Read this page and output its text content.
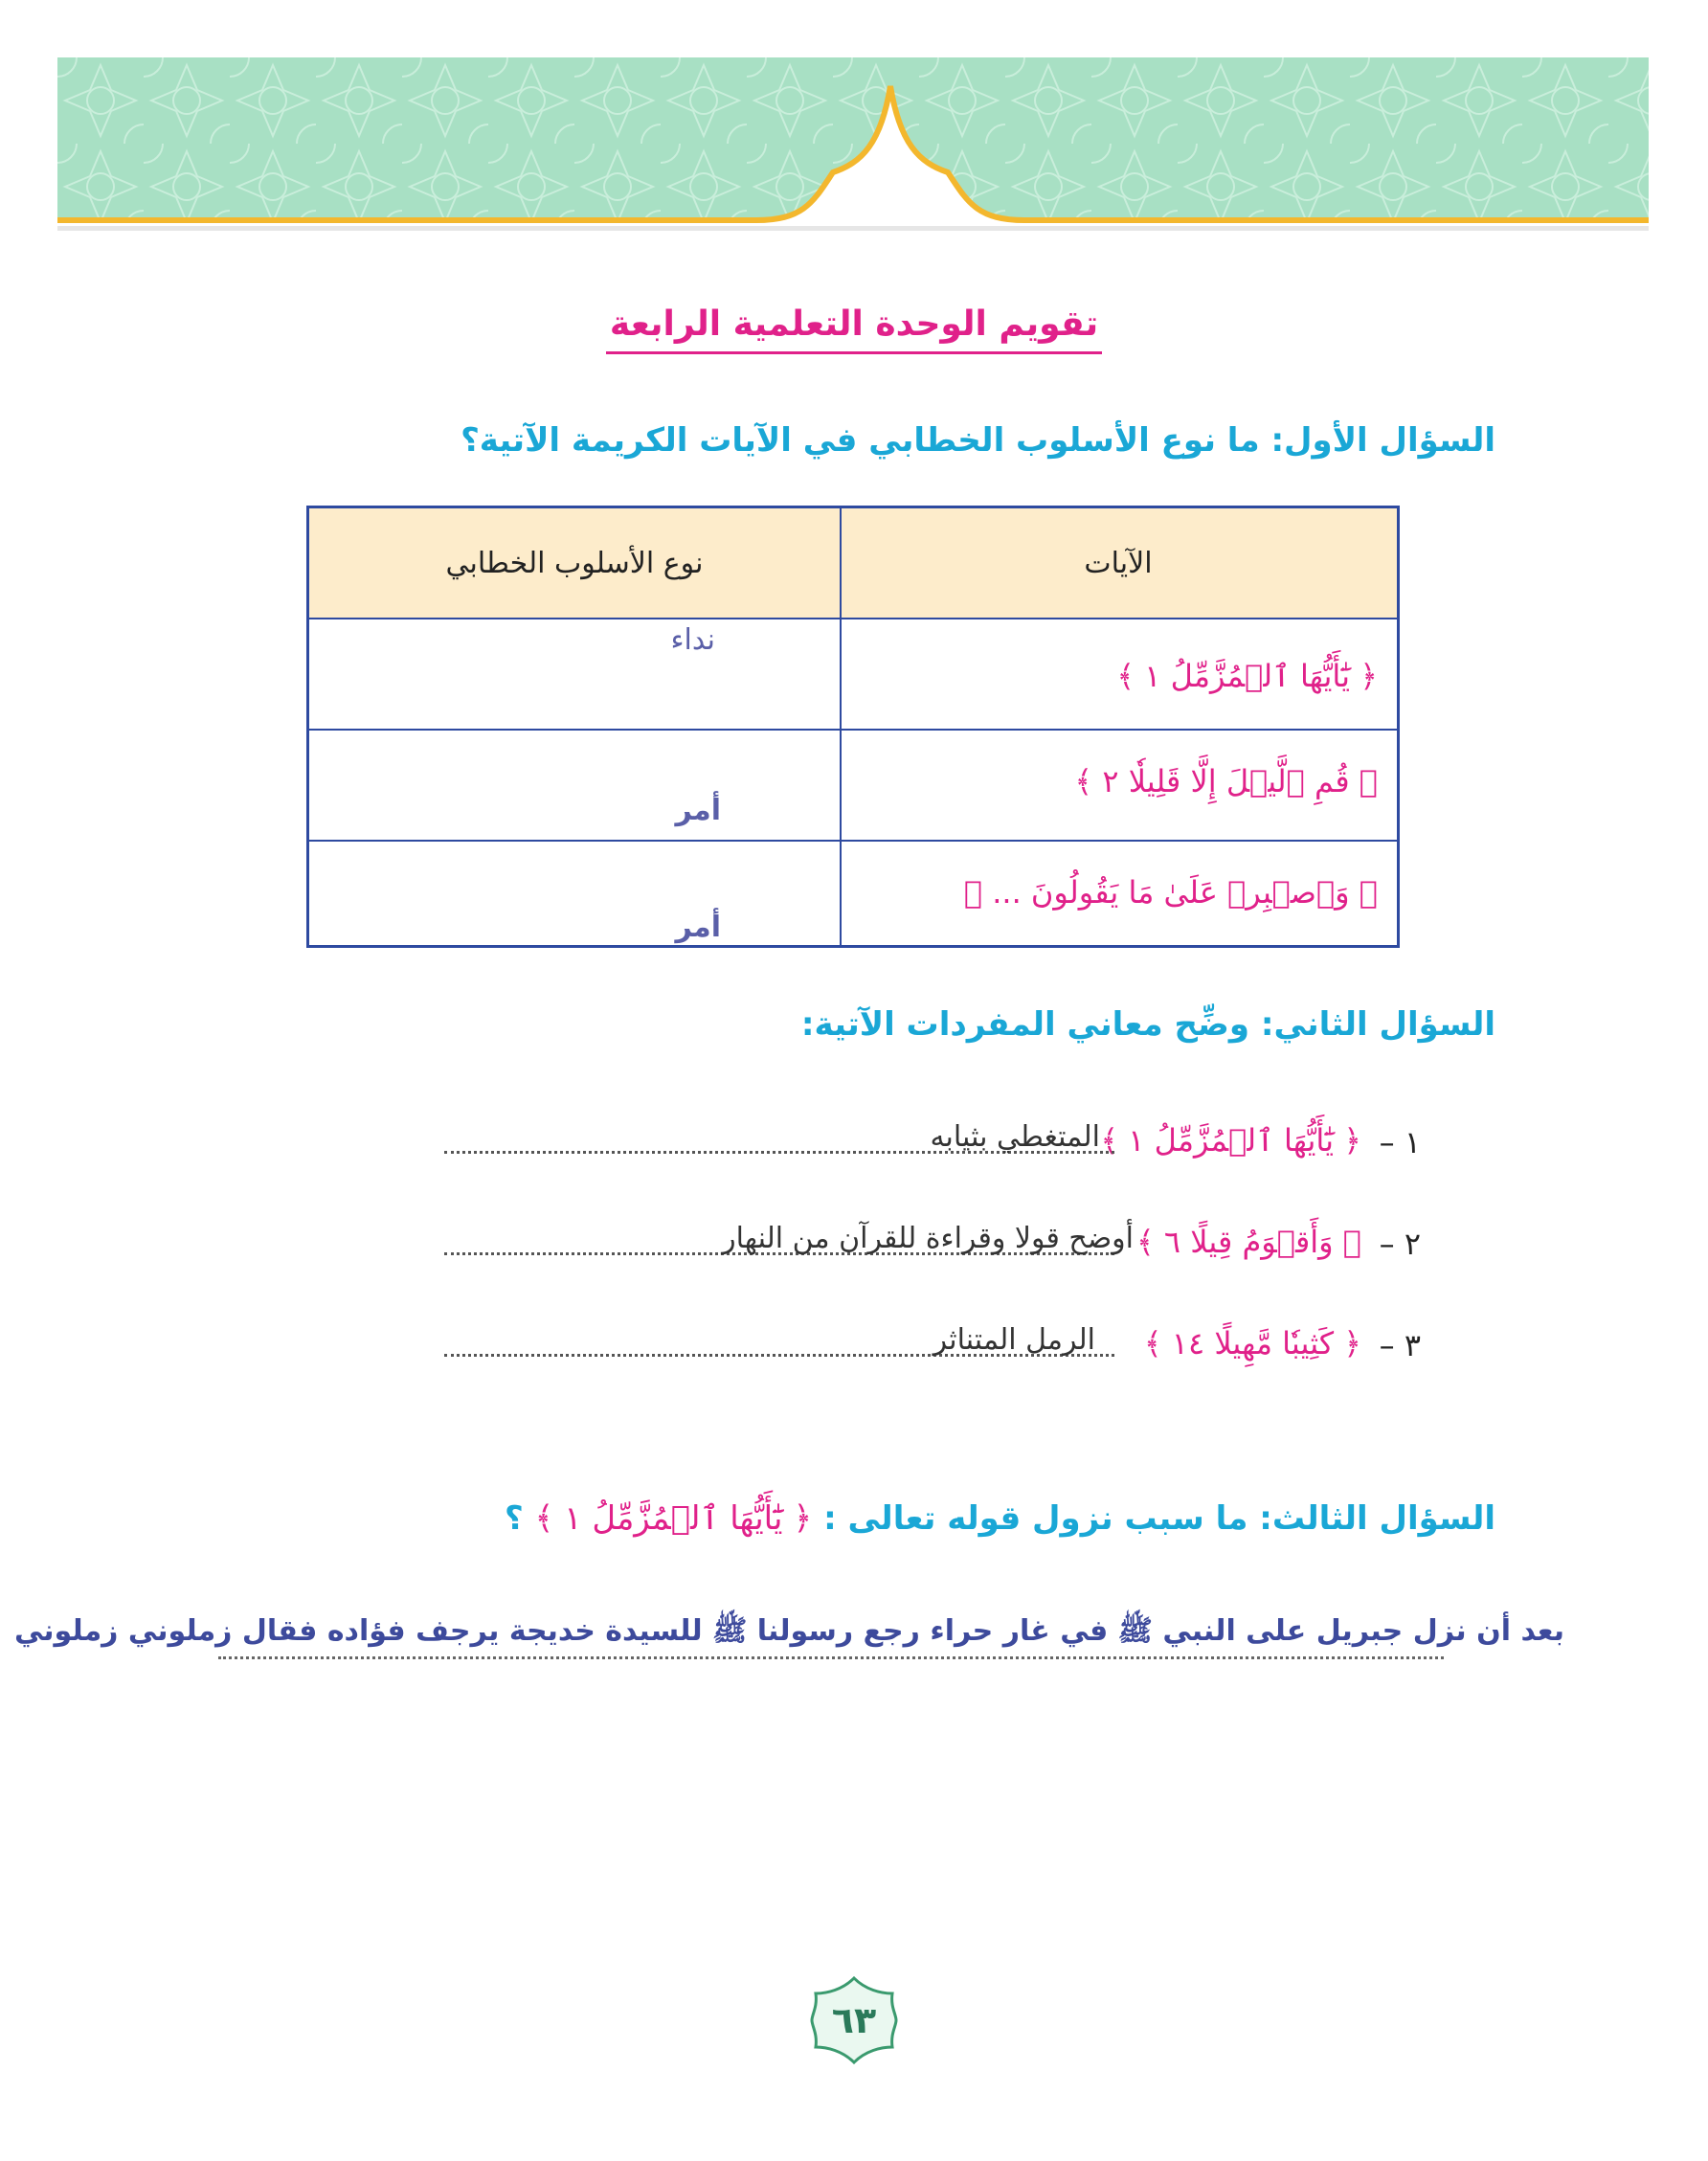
تقويم الوحدة التعلمية الرابعة
السؤال الأول: ما نوع الأسلوب الخطابي في الآيات الكريمة الآتية؟
الآيات
نوع الأسلوب الخطابي
﴿ يَٰٓأَيُّهَا ٱلۡمُزَّمِّلُ ١ ﴾
نداء
﴿ قُمِ ٱلَّيۡلَ إِلَّا قَلِيلٗا ٢ ﴾
أمر
﴿ وَٱصۡبِرۡ عَلَىٰ مَا يَقُولُونَ ... ﴾
أمر
السؤال الثاني: وضِّح معاني المفردات الآتية:
١ –
﴿ يَٰٓأَيُّهَا ٱلۡمُزَّمِّلُ ١ ﴾
المتغطي بثيابه
٢ –
﴿ وَأَقۡوَمُ قِيلًا ٦ ﴾
أوضح قولا وقراءة للقرآن من النهار
٣ –
﴿ كَثِيبٗا مَّهِيلًا ١٤ ﴾
الرمل المتناثر
السؤال الثالث: ما سبب نزول قوله تعالى : ﴿ يَٰٓأَيُّهَا ٱلۡمُزَّمِّلُ ١ ﴾ ؟
بعد أن نزل جبريل على النبي ﷺ في غار حراء رجع رسولنا ﷺ للسيدة خديجة يرجف فؤاده فقال زملوني زملوني
٦٣
